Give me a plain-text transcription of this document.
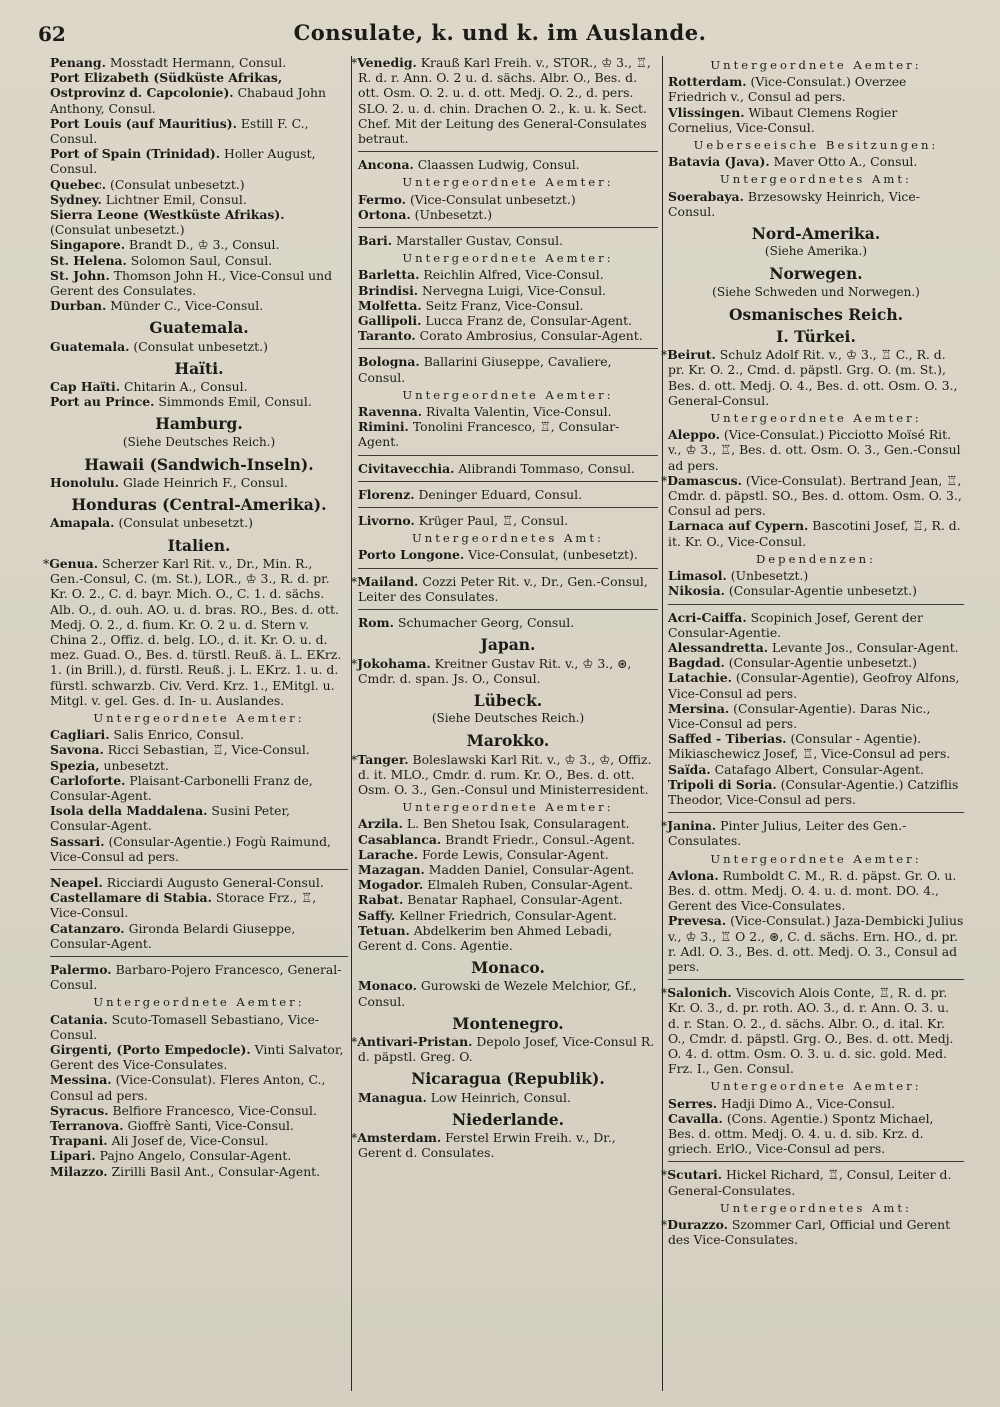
62	Consulate, k. und k. im Auslande.

Penang. Mosstadt Hermann, Consul.

Port Elizabeth (Südküste Afrikas, Ostprovinz d. Capcolonie). Chabaud John Anthony, Consul.

Port Louis (auf Mauritius). Estill F. C., Consul.

Port of Spain (Trinidad). Holler August, Consul.

Quebec. (Consulat unbesetzt.)

Sydney. Lichtner Emil, Consul.

Sierra Leone (Westküste Afrikas). (Consulat unbesetzt.)

Singapore. Brandt D., ♔ 3., Consul.

St. Helena. Solomon Saul, Consul.

St. John. Thomson John H., Vice-Consul und Gerent des Consulates.

Durban. Münder C., Vice-Consul.

Guatemala.

Guatemala. (Consulat unbesetzt.)

Haïti.

Cap Haïti. Chitarin A., Consul.

Port au Prince. Simmonds Emil, Consul.

Hamburg.
(Siehe Deutsches Reich.)
Hawaii (Sandwich-Inseln).

Honolulu. Glade Heinrich F., Consul.

Honduras (Central-Amerika).

Amapala. (Consulat unbesetzt.)

Italien.

*Genua. Scherzer Karl Rit. v., Dr., Min. R., Gen.-Consul, C. (m. St.), LOR., ♔ 3., R. d. pr. Kr. O. 2., C. d. bayr. Mich. O., C. 1. d. sächs. Alb. O., d. ouh. AO. u. d. bras. RO., Bes. d. ott. Medj. O. 2., d. fium. Kr. O. 2 u. d. Stern v. China 2., Offiz. d. belg. LO., d. it. Kr. O. u. d. mez. Guad. O., Bes. d. türstl. Reuß. ä. L. EKrz. 1. (in Brill.), d. fürstl. Reuß. j. L. EKrz. 1. u. d. fürstl. schwarzb. Civ. Verd. Krz. 1., EMitgl. u. Mitgl. v. gel. Ges. d. In- u. Auslandes.

Untergeordnete Aemter:

Cagliari. Salis Enrico, Consul.

Savona. Ricci Sebastian, ♖, Vice-Consul.

Spezia, unbesetzt.

Carloforte. Plaisant-Carbonelli Franz de, Consular-Agent.

Isola della Maddalena. Susini Peter, Consular-Agent.

Sassari. (Consular-Agentie.) Fogù Raimund, Vice-Consul ad pers.

Neapel. Ricciardi Augusto General-Consul.

Castellamare di Stabia. Storace Frz., ♖, Vice-Consul.

Catanzaro. Gironda Belardi Giuseppe, Consular-Agent.

Palermo. Barbaro-Pojero Francesco, General-Consul.

Untergeordnete Aemter:

Catania. Scuto-Tomasell Sebastiano, Vice-Consul.

Girgenti, (Porto Empedocle). Vinti Salvator, Gerent des Vice-Consulates.

Messina. (Vice-Consulat). Fleres Anton, C., Consul ad pers.

Syracus. Belfiore Francesco, Vice-Consul.

Terranova. Gioffrè Santi, Vice-Consul.

Trapani. Ali Josef de, Vice-Consul.

Lipari. Pajno Angelo, Consular-Agent.

Milazzo. Zirilli Basil Ant., Consular-Agent.

*Venedig. Krauß Karl Freih. v., STOR., ♔ 3., ♖, R. d. r. Ann. O. 2 u. d. sächs. Albr. O., Bes. d. ott. Osm. O. 2. u. d. ott. Medj. O. 2., d. pers. SLO. 2. u. d. chin. Drachen O. 2., k. u. k. Sect. Chef. Mit der Leitung des General-Consulates betraut.

Ancona. Claassen Ludwig, Consul.

Untergeordnete Aemter:

Fermo. (Vice-Consulat unbesetzt.)

Ortona. (Unbesetzt.)

Bari. Marstaller Gustav, Consul.

Untergeordnete Aemter:

Barletta. Reichlin Alfred, Vice-Consul.

Brindisi. Nervegna Luigi, Vice-Consul.

Molfetta. Seitz Franz, Vice-Consul.

Gallipoli. Lucca Franz de, Consular-Agent.

Taranto. Corato Ambrosius, Consular-Agent.

Bologna. Ballarini Giuseppe, Cavaliere, Consul.

Untergeordnete Aemter:

Ravenna. Rivalta Valentin, Vice-Consul.

Rimini. Tonolini Francesco, ♖, Consular-Agent.

Civitavecchia. Alibrandi Tommaso, Consul.

Florenz. Deninger Eduard, Consul.

Livorno. Krüger Paul, ♖, Consul.

Untergeordnetes Amt:

Porto Longone. Vice-Consulat, (unbesetzt).

*Mailand. Cozzi Peter Rit. v., Dr., Gen.-Consul, Leiter des Consulates.

Rom. Schumacher Georg, Consul.

Japan.

*Jokohama. Kreitner Gustav Rit. v., ♔ 3., ⊛, Cmdr. d. span. Js. O., Consul.

Lübeck.
(Siehe Deutsches Reich.)
Marokko.

*Tanger. Boleslawski Karl Rit. v., ♔ 3., ♔, Offiz. d. it. MLO., Cmdr. d. rum. Kr. O., Bes. d. ott. Osm. O. 3., Gen.-Consul und Ministerresident.

Untergeordnete Aemter:

Arzila. L. Ben Shetou Isak, Consularagent.

Casablanca. Brandt Friedr., Consul.-Agent.

Larache. Forde Lewis, Consular-Agent.

Mazagan. Madden Daniel, Consular-Agent.

Mogador. Elmaleh Ruben, Consular-Agent.

Rabat. Benatar Raphael, Consular-Agent.

Saffy. Kellner Friedrich, Consular-Agent.

Tetuan. Abdelkerim ben Ahmed Lebadi, Gerent d. Cons. Agentie.

Monaco.

Monaco. Gurowski de Wezele Melchior, Gf., Consul.

Montenegro.

*Antivari-Pristan. Depolo Josef, Vice-Consul R. d. päpstl. Greg. O.

Nicaragua (Republik).

Managua. Low Heinrich, Consul.

Niederlande.

*Amsterdam. Ferstel Erwin Freih. v., Dr., Gerent d. Consulates.

Untergeordnete Aemter:

Rotterdam. (Vice-Consulat.) Overzee Friedrich v., Consul ad pers.

Vlissingen. Wibaut Clemens Rogier Cornelius, Vice-Consul.

Ueberseeische Besitzungen:

Batavia (Java). Maver Otto A., Consul.

Untergeordnetes Amt:

Soerabaya. Brzesowsky Heinrich, Vice-Consul.

Nord-Amerika.
(Siehe Amerika.)
Norwegen.
(Siehe Schweden und Norwegen.)
Osmanisches Reich.
I. Türkei.

*Beirut. Schulz Adolf Rit. v., ♔ 3., ♖ C., R. d. pr. Kr. O. 2., Cmd. d. päpstl. Grg. O. (m. St.), Bes. d. ott. Medj. O. 4., Bes. d. ott. Osm. O. 3., General-Consul.

Untergeordnete Aemter:

Aleppo. (Vice-Consulat.) Picciotto Moïsé Rit. v., ♔ 3., ♖, Bes. d. ott. Osm. O. 3., Gen.-Consul ad pers.

*Damascus. (Vice-Consulat). Bertrand Jean, ♖, Cmdr. d. päpstl. SO., Bes. d. ottom. Osm. O. 3., Consul ad pers.

Larnaca auf Cypern. Bascotini Josef, ♖, R. d. it. Kr. O., Vice-Consul.

Dependenzen:

Limasol. (Unbesetzt.)

Nikosia. (Consular-Agentie unbesetzt.)

Acri-Caiffa. Scopinich Josef, Gerent der Consular-Agentie.

Alessandretta. Levante Jos., Consular-Agent.

Bagdad. (Consular-Agentie unbesetzt.)

Latachie. (Consular-Agentie), Geofroy Alfons, Vice-Consul ad pers.

Mersina. (Consular-Agentie). Daras Nic., Vice-Consul ad pers.

Saffed - Tiberias. (Consular - Agentie). Mikiaschewicz Josef, ♖, Vice-Consul ad pers.

Saïda. Catafago Albert, Consular-Agent.

Tripoli di Soria. (Consular-Agentie.) Catziflis Theodor, Vice-Consul ad pers.

*Janina. Pinter Julius, Leiter des Gen.-Consulates.

Untergeordnete Aemter:

Avlona. Rumboldt C. M., R. d. päpst. Gr. O. u. Bes. d. ottm. Medj. O. 4. u. d. mont. DO. 4., Gerent des Vice-Consulates.

Prevesa. (Vice-Consulat.) Jaza-Dembicki Julius v., ♔ 3., ♖ O 2., ⊛, C. d. sächs. Ern. HO., d. pr. r. Adl. O. 3., Bes. d. ott. Medj. O. 3., Consul ad pers.

*Salonich. Viscovich Alois Conte, ♖, R. d. pr. Kr. O. 3., d. pr. roth. AO. 3., d. r. Ann. O. 3. u. d. r. Stan. O. 2., d. sächs. Albr. O., d. ital. Kr. O., Cmdr. d. päpstl. Grg. O., Bes. d. ott. Medj. O. 4. d. ottm. Osm. O. 3. u. d. sic. gold. Med. Frz. I., Gen. Consul.

Untergeordnete Aemter:

Serres. Hadji Dimo A., Vice-Consul.

Cavalla. (Cons. Agentie.) Spontz Michael, Bes. d. ottm. Medj. O. 4. u. d. sib. Krz. d. griech. ErlO., Vice-Consul ad pers.

*Scutari. Hickel Richard, ♖, Consul, Leiter d. General-Consulates.

Untergeordnetes Amt:

*Durazzo. Szommer Carl, Official und Gerent des Vice-Consulates.
